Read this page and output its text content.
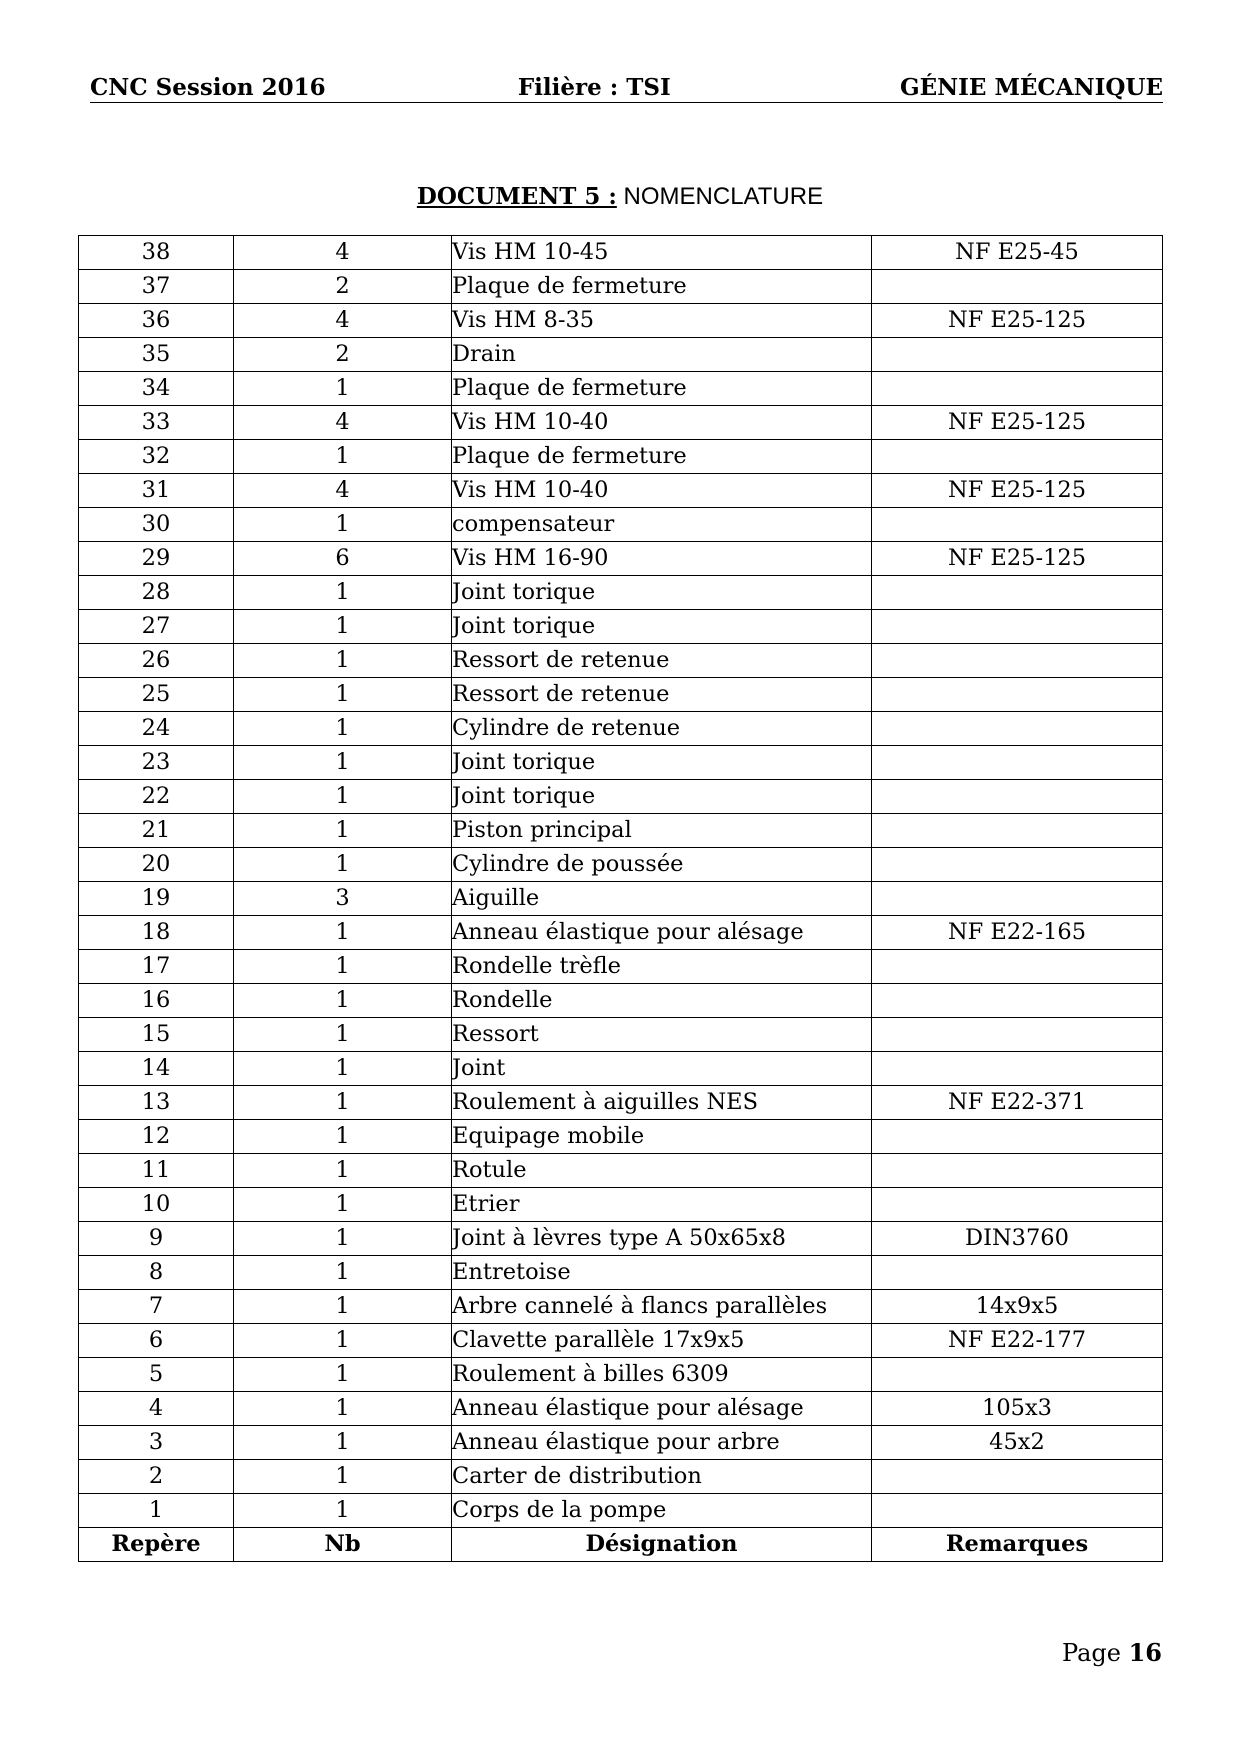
CNC Session 2016	Filière : TSI	GÉNIE MÉCANIQUE
DOCUMENT 5 : NOMENCLATURE
38	4	Vis HM 10-45	NF E25-45
37	2	Plaque de fermeture	
36	4	Vis HM 8-35	NF E25-125
35	2	Drain	
34	1	Plaque de fermeture	
33	4	Vis HM 10-40	NF E25-125
32	1	Plaque de fermeture	
31	4	Vis HM 10-40	NF E25-125
30	1	compensateur	
29	6	Vis HM 16-90	NF E25-125
28	1	Joint torique	
27	1	Joint torique	
26	1	Ressort de retenue	
25	1	Ressort de retenue	
24	1	Cylindre de retenue	
23	1	Joint torique	
22	1	Joint torique	
21	1	Piston principal	
20	1	Cylindre de poussée	
19	3	Aiguille	
18	1	Anneau élastique pour alésage	NF E22-165
17	1	Rondelle trèfle	
16	1	Rondelle	
15	1	Ressort	
14	1	Joint	
13	1	Roulement à aiguilles NES	NF E22-371
12	1	Equipage mobile	
11	1	Rotule	
10	1	Etrier	
9	1	Joint à lèvres type A 50x65x8	DIN3760
8	1	Entretoise	
7	1	Arbre cannelé à flancs parallèles	14x9x5
6	1	Clavette parallèle 17x9x5	NF E22-177
5	1	Roulement à billes 6309	
4	1	Anneau élastique pour alésage	105x3
3	1	Anneau élastique pour arbre	45x2
2	1	Carter de distribution	
1	1	Corps de la pompe	
Repère	Nb	Désignation	Remarques
Page 16
